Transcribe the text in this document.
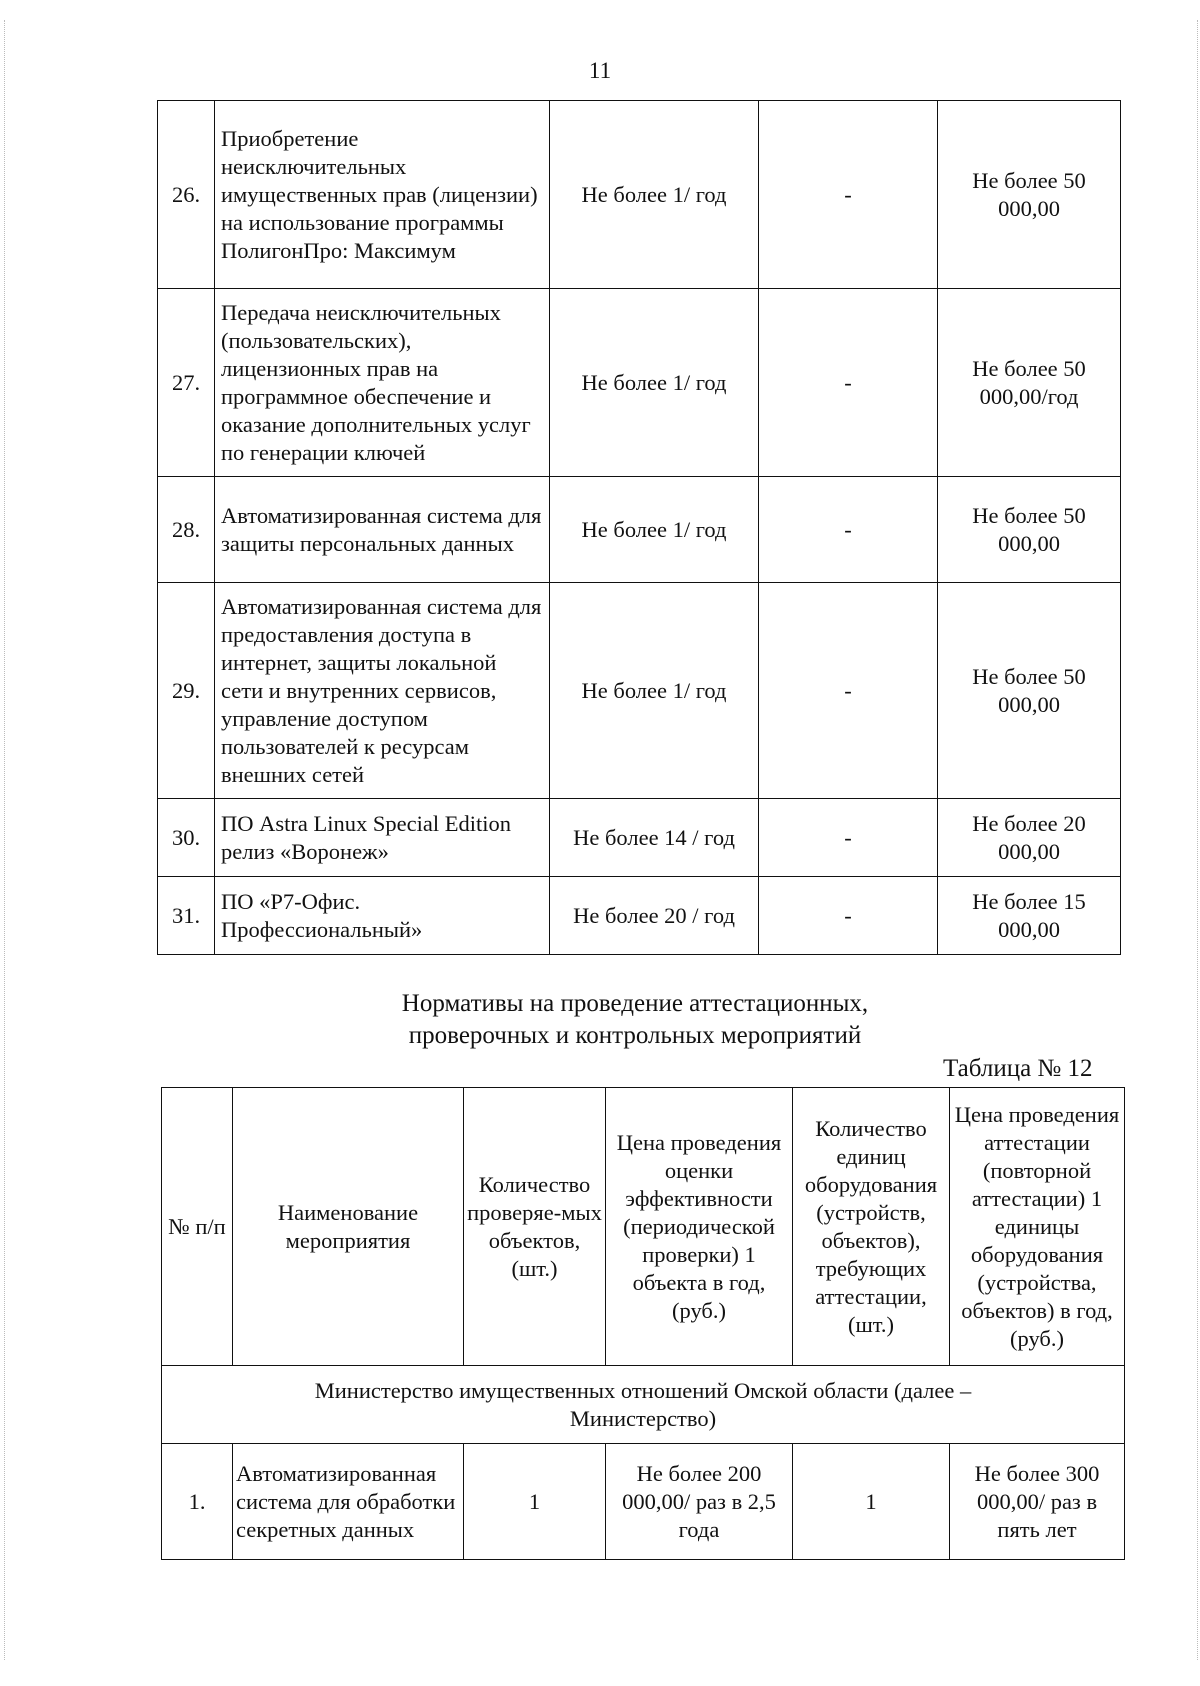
11
26.	Приобретение неисключительных имущественных прав (лицензии) на использование программы ПолигонПро: Максимум	Не более 1/ год	-	Не более 50 000,00
27.	Передача неисключительных (пользовательских), лицензионных прав на программное обеспечение и оказание дополнительных услуг по генерации ключей	Не более 1/ год	-	Не более 50 000,00/год
28.	Автоматизированная система для защиты персональных данных	Не более 1/ год	-	Не более 50 000,00
29.	Автоматизированная система для предоставления доступа в интернет, защиты локальной сети и внутренних сервисов, управление доступом пользователей к ресурсам внешних сетей	Не более 1/ год	-	Не более 50 000,00
30.	ПО Astra Linux Special Edition релиз «Воронеж»	Не более 14 / год	-	Не более 20 000,00
31.	ПО «Р7-Офис. Профессиональный»	Не более 20 / год	-	Не более 15 000,00
Нормативы на проведение аттестационных,
проверочных и контрольных мероприятий
Таблица № 12
№ п/п	Наименование мероприятия	Количество проверяе-мых объектов, (шт.)	Цена проведения оценки эффективности (периодической проверки) 1 объекта в год, (руб.)	Количество единиц оборудования (устройств, объектов), требующих аттестации, (шт.)	Цена проведения аттестации (повторной аттестации) 1 единицы оборудования (устройства, объектов) в год, (руб.)
Министерство имущественных отношений Омской области (далее – Министерство)					
1.	Автоматизированная система для обработки секретных данных	1	Не более 200 000,00/ раз в 2,5 года	1	Не более 300 000,00/ раз в пять лет
